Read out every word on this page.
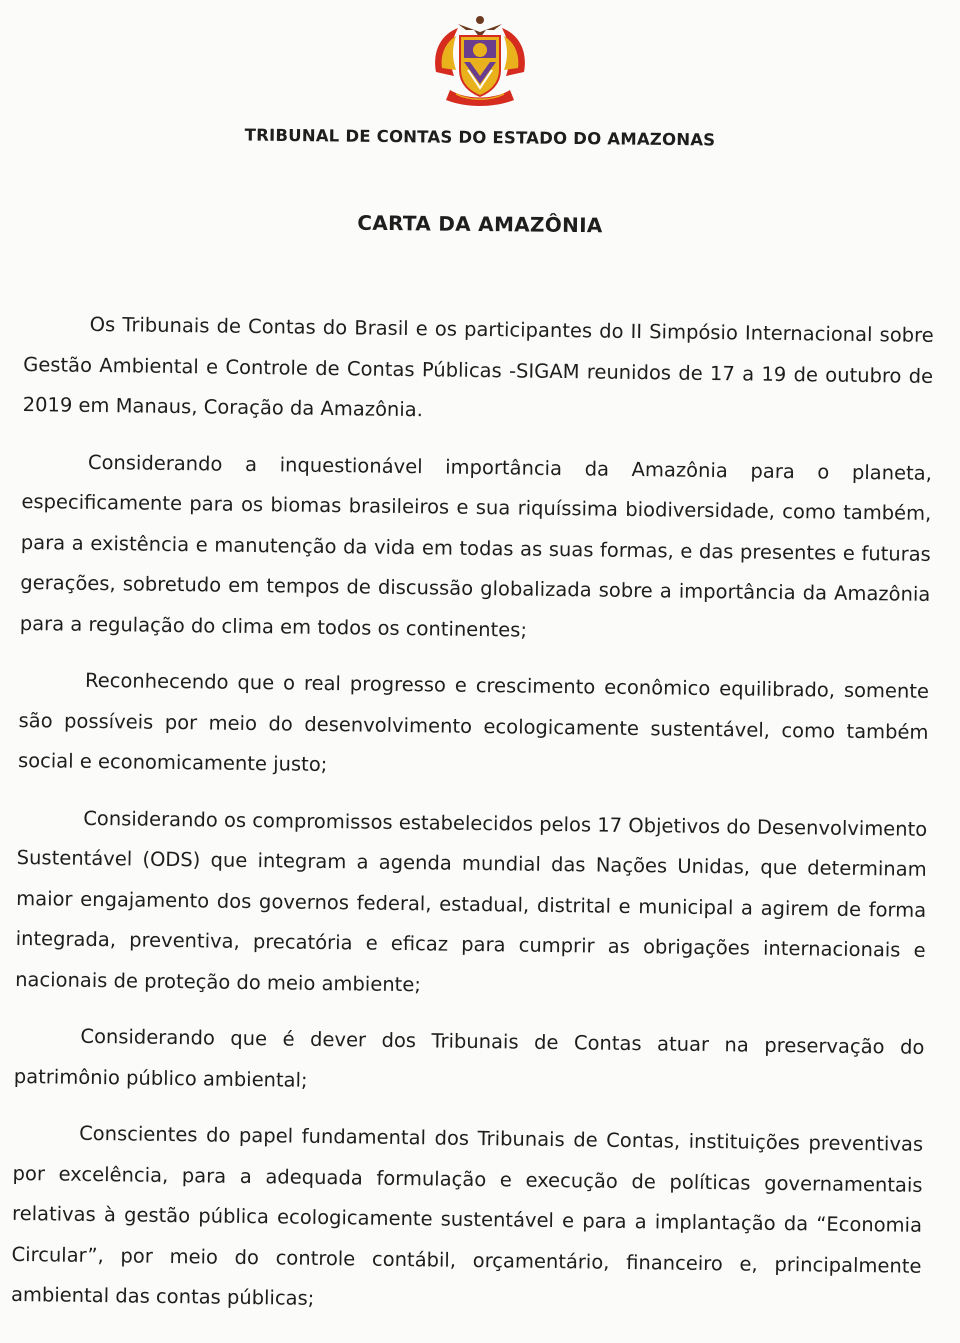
TRIBUNAL DE CONTAS DO ESTADO DO AMAZONAS
CARTA DA AMAZÔNIA

Os Tribunais de Contas do Brasil e os participantes do II Simpósio Internacional sobre Gestão Ambiental e Controle de Contas Públicas -SIGAM reunidos de 17 a 19 de outubro de 2019 em Manaus, Coração da Amazônia.

Considerando a inquestionável importância da Amazônia para o planeta, especificamente para os biomas brasileiros e sua riquíssima biodiversidade, como também, para a existência e manutenção da vida em todas as suas formas, e das presentes e futuras gerações, sobretudo em tempos de discussão globalizada sobre a importância da Amazônia para a regulação do clima em todos os continentes;

Reconhecendo que o real progresso e crescimento econômico equilibrado, somente são possíveis por meio do desenvolvimento ecologicamente sustentável, como também social e economicamente justo;

Considerando os compromissos estabelecidos pelos 17 Objetivos do Desenvolvimento Sustentável (ODS) que integram a agenda mundial das Nações Unidas, que determinam maior engajamento dos governos federal, estadual, distrital e municipal a agirem de forma integrada, preventiva, precatória e eficaz para cumprir as obrigações internacionais e nacionais de proteção do meio ambiente;

Considerando que é dever dos Tribunais de Contas atuar na preservação do patrimônio público ambiental;

Conscientes do papel fundamental dos Tribunais de Contas, instituições preventivas por excelência, para a adequada formulação e execução de políticas governamentais relativas à gestão pública ecologicamente sustentável e para a implantação da “Economia Circular”, por meio do controle contábil, orçamentário, financeiro e, principalmente ambiental das contas públicas;
